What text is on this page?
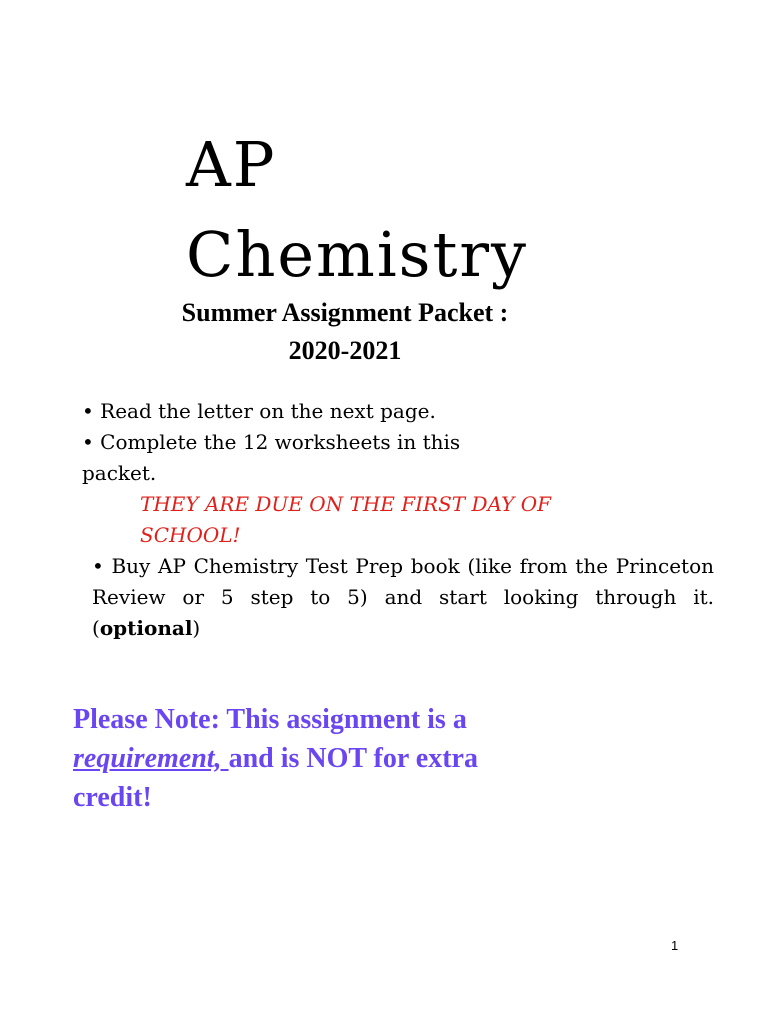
AP
Chemistry
Summer Assignment Packet :
2020-2021
• Read the letter on the next page.
• Complete the 12 worksheets in this packet.
THEY ARE DUE ON THE FIRST DAY OF SCHOOL!
• Buy AP Chemistry Test Prep book (like from the Princeton Review or 5 step to 5) and start looking through it. (optional)
Please Note: This assignment is a requirement, and is NOT for extra credit!
1
